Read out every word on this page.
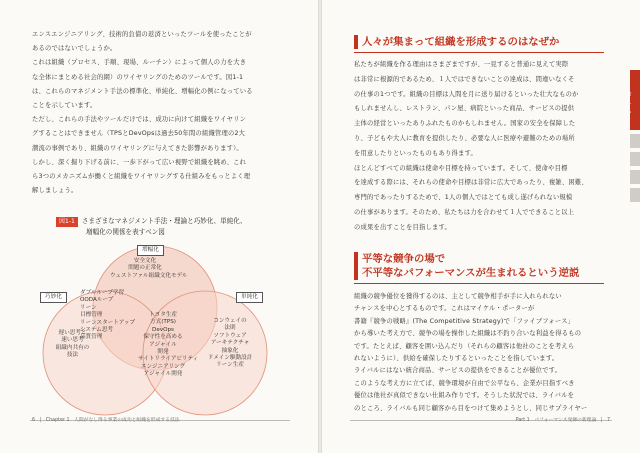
エンスエンジニアリング、技術的負債の返済といったツールを使ったことが
あるのではないでしょうか。
これは組織（プロセス、手順、現場、ルーチン）によって個人の力を大き
な全体にまとめる社会的網）のワイヤリングのためのツールです。図1-1
は、これらのマネジメント手法の標準化、単純化、増幅化の例になっている
ことを示しています。
ただし、これらの手法やツールだけでは、成功に向けて組織をワイヤリン
グすることはできません（TPSとDevOpsは過去50年間の組織管理の2大
潮流の事例であり、組織のワイヤリングに与えてきた影響があります）。
しかし、深く掘り下げる前に、一歩下がって広い視野で組織を眺め、これ
ら3つのメカニズムが働くと組織をワイヤリングする仕組みをもっとよく理
解しましょう。
図1-1 さまざまなマネジメント手法・理論と巧妙化、単純化、
増幅化の関係を表すベン図
増幅化
巧妙化	単純化
安全文化
問題の正常化
ウェストファル組織文化モデル
ダブルループ学習
OODAループ
リーン
目標管理
リーンスタートアップ
システム思考
品質管理
トヨタ生産
方式(TPS)
DevOps
保守性を高める
アジャイル
開発
サイトリライアビリティ
エンジニアリング
アジャイル開発
遅い思考と
速い思考
組織内共有の
技法
コンウェイの
法則
ソフトウェア
アーキテクチャ
抽象化
ドメイン駆動設計
リーン生産
6 | Chapter 1 人間がなし得る事業の成功と組織を形成する技法
人々が集まって組織を形成するのはなぜか
私たちが組織を作る理由はさまざまですが、一見すると普通に見えて実際
は非常に根源的であるため、１人ではできないことの達成は、間違いなくそ
の仕事の1つです。組織の目標は人間を月に送り届けるといった壮大なものか
もしれませんし、レストラン、パン屋、病院といった商品、サービスの提供
主体の経営といったありふれたものかもしれません。国家の安全を保障した
り、子どもや大人に教育を提供したり、必要な人に医療や避難のための場所
を用意したりといったものもあり得ます。
ほとんどすべての組織は使命や目標を持っています。そして、使命や目標
を達成する際には、それらの使命や目標は非常に広大であったり、複雑、困難、
専門的であったりするためで、1人の個人ではとても成し遂げられない規模
の仕事があります。そのため、私たちは力を合わせて１人でできること以上
の成果を出すことを目指します。
平等な競争の場で
不平等なパフォーマンスが生まれるという逆説
組織の競争優位を獲得するのは、主として競争相手が手に入れられない
チャンスを中心とするものです。これはマイケル・ポーターが
書籍『競争の戦略』(The Competitive Strategy)で「ファイブフォース」
から導いた考え方で、競争の場を操作した組織は不釣り合いな利益を得るもの
です。たとえば、顧客を囲い込んだり（それらの顧客は他社のことを考えら
れないように）、供給を確保したりするといったことを指しています。
ライバルにはない統合商品、サービスの提供をできることが優位です。
このような考え方に立てば、競争環境が自由で公平なら、企業が目指すべき
優位は他社が真似できない仕組み作りです。そうした状況では、ライバルを
のところ、ライバルも同じ顧客から目をつけて集めようとし、同じサプライヤー
Chapter 1
Part 1 パフォーマンス発揮の新理論 | 7
